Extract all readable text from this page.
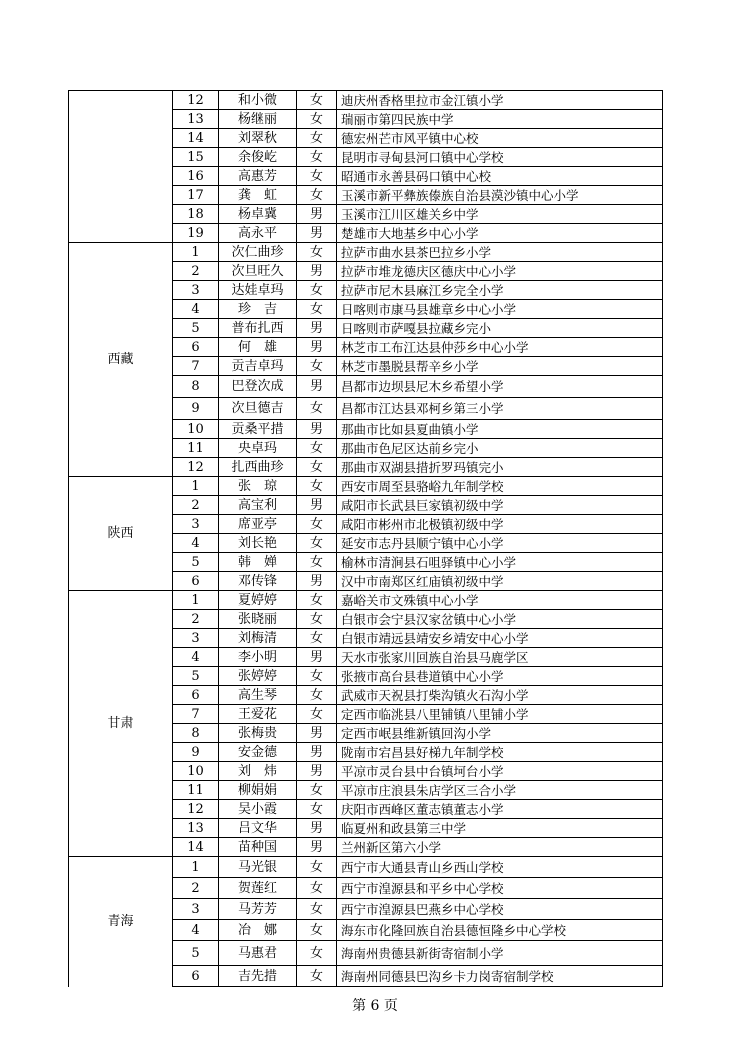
	12	和小微	女	迪庆州香格里拉市金江镇小学
	13	杨继丽	女	瑞丽市第四民族中学
	14	刘翠秋	女	德宏州芒市风平镇中心校
	15	余俊屹	女	昆明市寻甸县河口镇中心学校
	16	高惠芳	女	昭通市永善县码口镇中心校
	17	龚　虹	女	玉溪市新平彝族傣族自治县漠沙镇中心小学
	18	杨卓冀	男	玉溪市江川区雄关乡中学
	19	高永平	男	楚雄市大地基乡中心小学
西藏	1	次仁曲珍	女	拉萨市曲水县茶巴拉乡小学
	2	次旦旺久	男	拉萨市堆龙德庆区德庆中心小学
	3	达娃卓玛	女	拉萨市尼木县麻江乡完全小学
	4	珍　吉	女	日喀则市康马县雄章乡中心小学
	5	普布扎西	男	日喀则市萨嘎县拉藏乡完小
	6	何　雄	男	林芝市工布江达县仲莎乡中心小学
	7	贡吉卓玛	女	林芝市墨脱县帮辛乡小学
	8	巴登次成	男	昌都市边坝县尼木乡希望小学
	9	次旦德吉	女	昌都市江达县邓柯乡第三小学
	10	贡桑平措	男	那曲市比如县夏曲镇小学
	11	央卓玛	女	那曲市色尼区达前乡完小
	12	扎西曲珍	女	那曲市双湖县措折罗玛镇完小
陕西	1	张　琼	女	西安市周至县骆峪九年制学校
	2	高宝利	男	咸阳市长武县巨家镇初级中学
	3	席亚亭	女	咸阳市彬州市北极镇初级中学
	4	刘长艳	女	延安市志丹县顺宁镇中心小学
	5	韩　婵	女	榆林市清涧县石咀驿镇中心小学
	6	邓传锋	男	汉中市南郑区红庙镇初级中学
甘肃	1	夏婷婷	女	嘉峪关市文殊镇中心小学
	2	张晓丽	女	白银市会宁县汉家岔镇中心小学
	3	刘梅清	女	白银市靖远县靖安乡靖安中心小学
	4	李小明	男	天水市张家川回族自治县马鹿学区
	5	张婷婷	女	张掖市高台县巷道镇中心小学
	6	高生琴	女	武威市天祝县打柴沟镇火石沟小学
	7	王爱花	女	定西市临洮县八里铺镇八里铺小学
	8	张梅贵	男	定西市岷县维新镇回沟小学
	9	安金德	男	陇南市宕昌县好梯九年制学校
	10	刘　炜	男	平凉市灵台县中台镇坷台小学
	11	柳娟娟	女	平凉市庄浪县朱店学区三合小学
	12	吴小霞	女	庆阳市西峰区董志镇董志小学
	13	吕文华	男	临夏州和政县第三中学
	14	苗种国	男	兰州新区第六小学
青海	1	马光银	女	西宁市大通县青山乡西山学校
	2	贺莲红	女	西宁市湟源县和平乡中心学校
	3	马芳芳	女	西宁市湟源县巴燕乡中心学校
	4	冶　娜	女	海东市化隆回族自治县德恒隆乡中心学校
	5	马惠君	女	海南州贵德县新街寄宿制小学
	6	吉先措	女	海南州同德县巴沟乡卡力岗寄宿制学校
第 6 页
